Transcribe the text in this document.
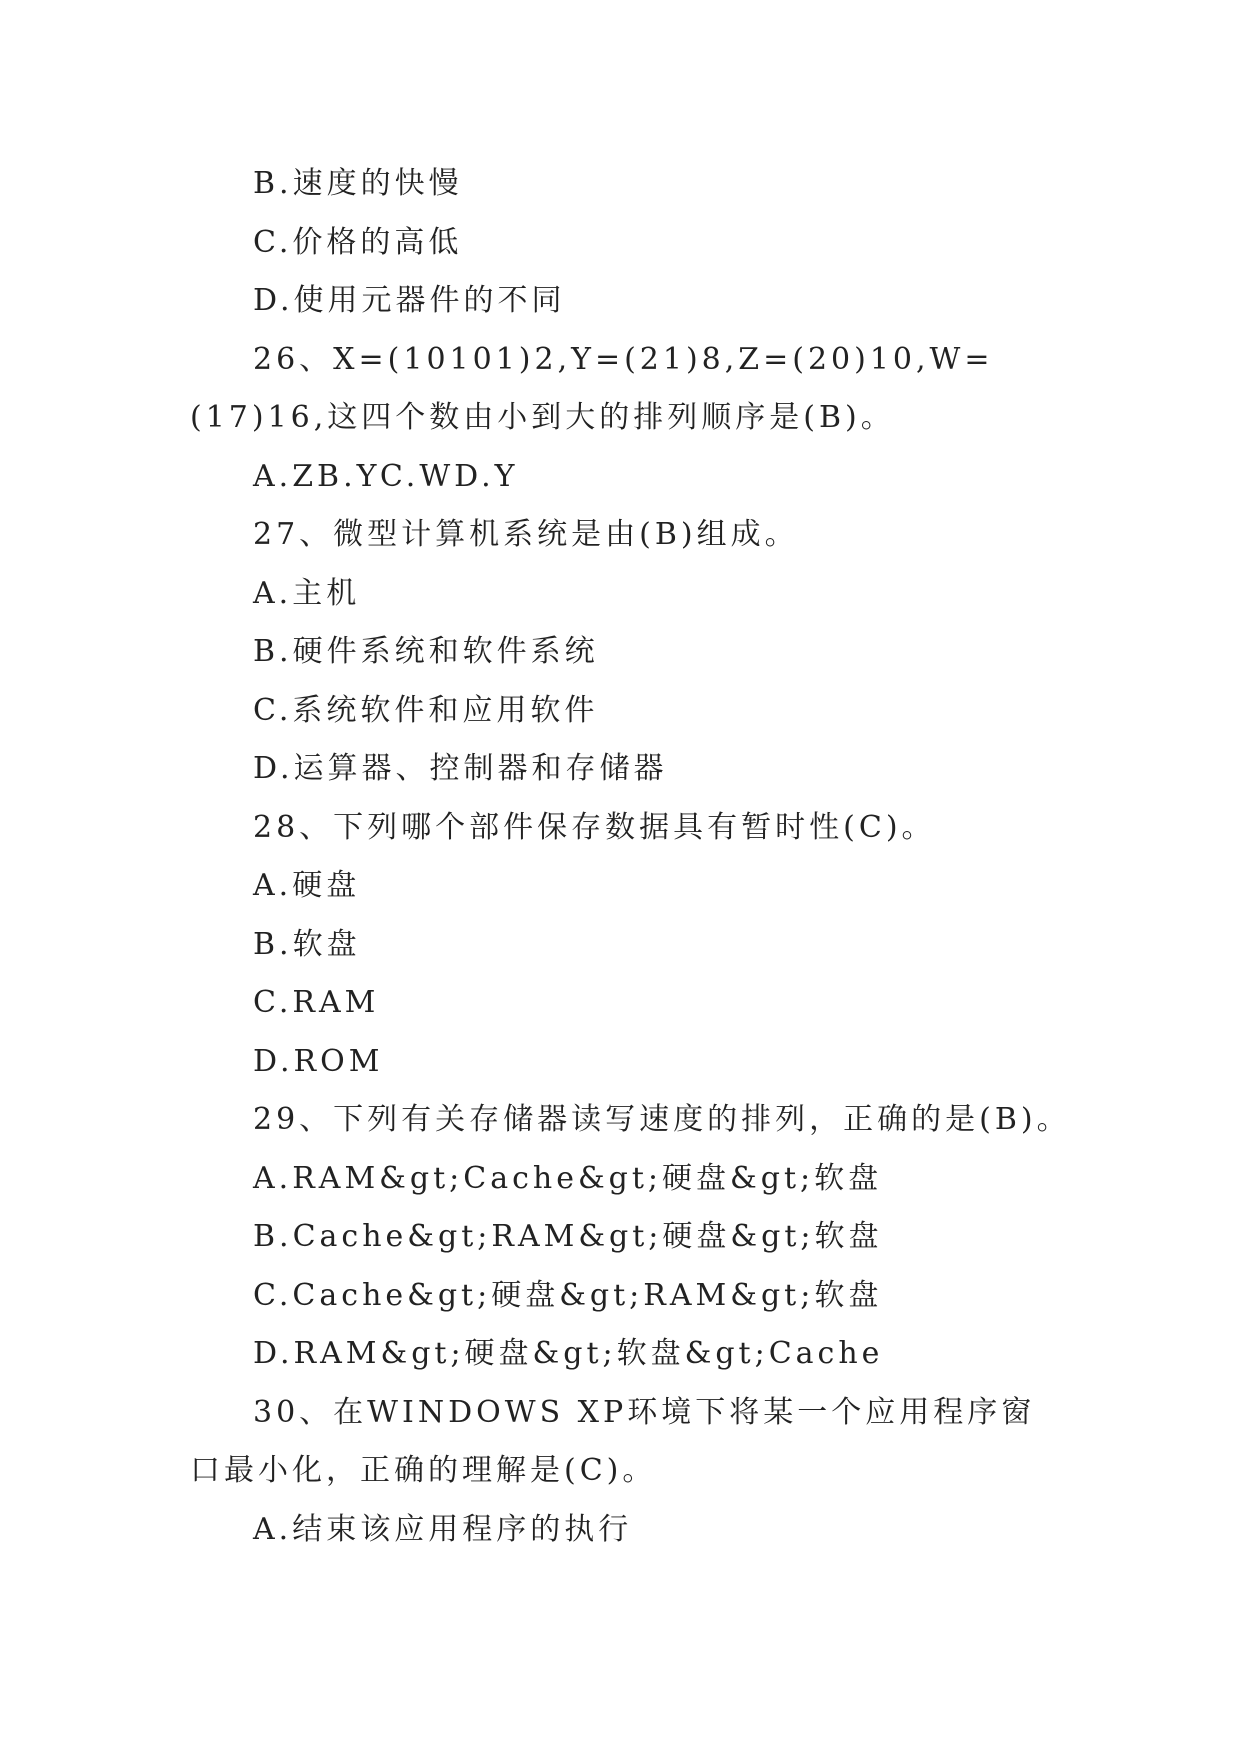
B.速度的快慢
C.价格的高低
D.使用元器件的不同
26、X=(10101)2,Y=(21)8,Z=(20)10,W=(17)16,这四个数由小到大的排列顺序是(B)。
A.ZB.YC.WD.Y
27、微型计算机系统是由(B)组成。
A.主机
B.硬件系统和软件系统
C.系统软件和应用软件
D.运算器、控制器和存储器
28、下列哪个部件保存数据具有暂时性(C)。
A.硬盘
B.软盘
C.RAM
D.ROM
29、下列有关存储器读写速度的排列，正确的是(B)。
A.RAM&gt;Cache&gt;硬盘&gt;软盘
B.Cache&gt;RAM&gt;硬盘&gt;软盘
C.Cache&gt;硬盘&gt;RAM&gt;软盘
D.RAM&gt;硬盘&gt;软盘&gt;Cache
30、在WINDOWS XP环境下将某一个应用程序窗口最小化，正确的理解是(C)。
A.结束该应用程序的执行
